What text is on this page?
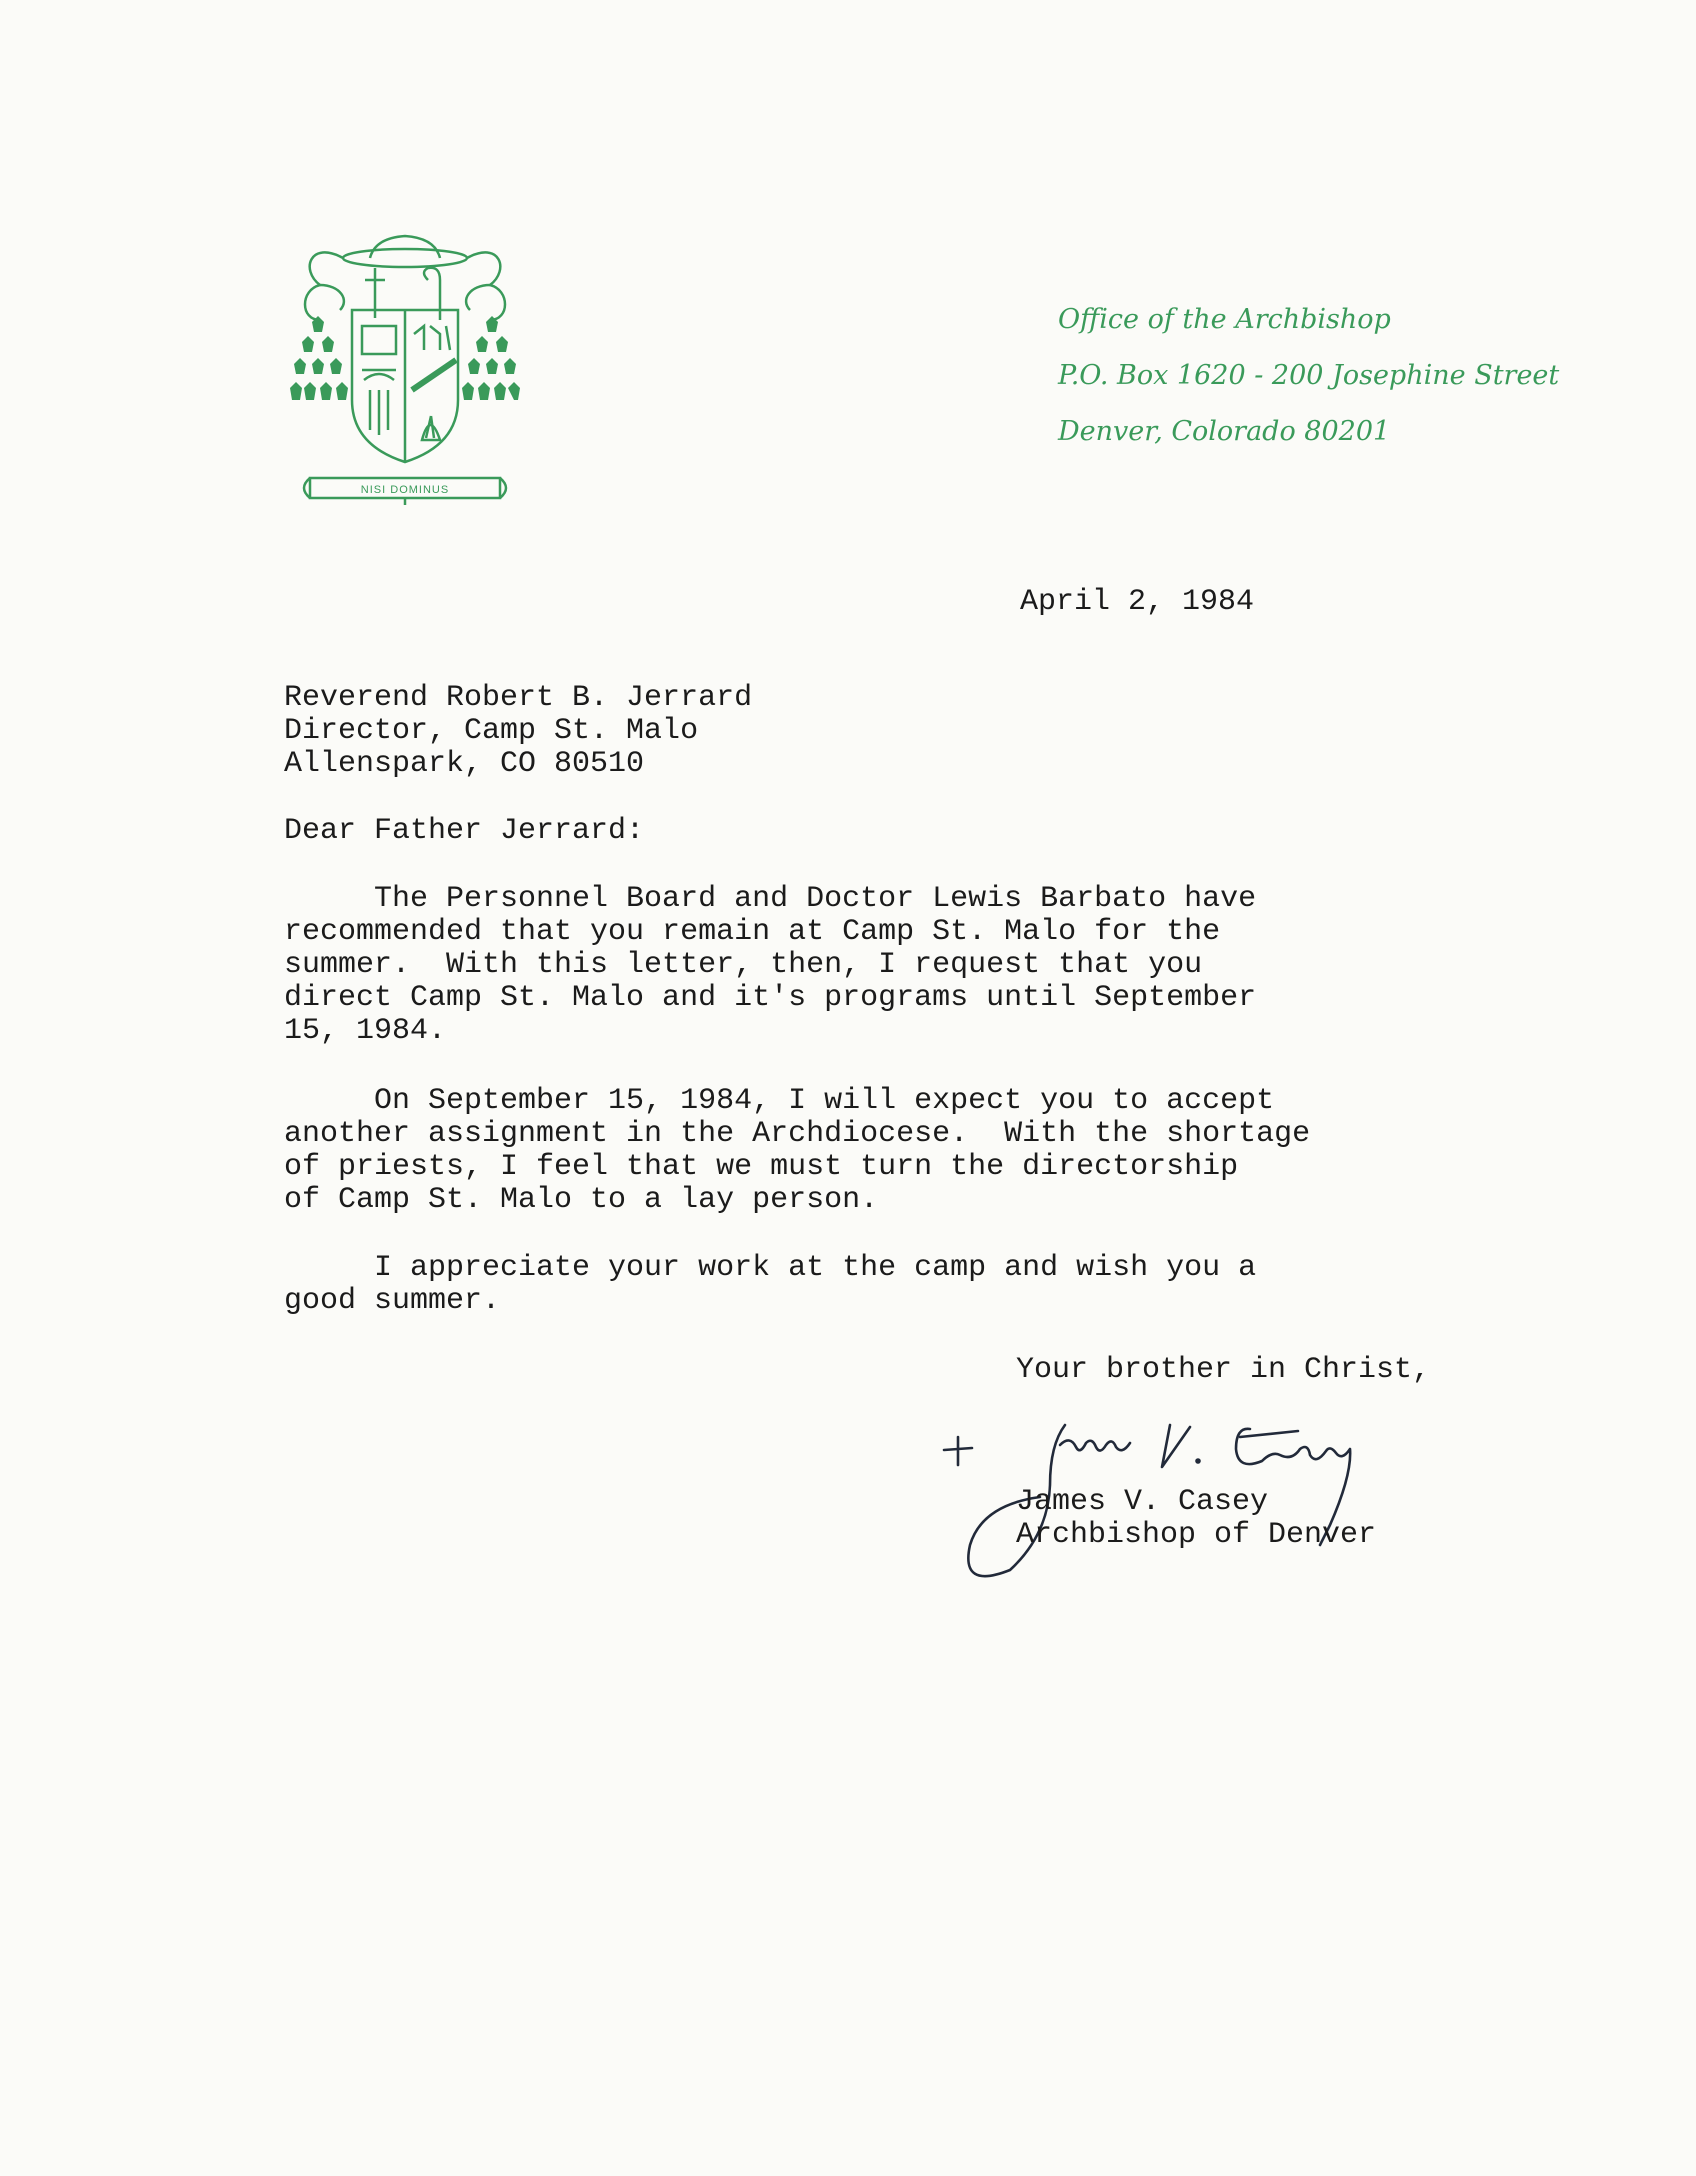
NISI DOMINUS
Office of the Archbishop
P.O. Box 1620 - 200 Josephine Street
Denver, Colorado 80201
April 2, 1984
Reverend Robert B. Jerrard
Director, Camp St. Malo
Allenspark, CO 80510
Dear Father Jerrard:
The Personnel Board and Doctor Lewis Barbato have
recommended that you remain at Camp St. Malo for the
summer.  With this letter, then, I request that you
direct Camp St. Malo and it's programs until September
15, 1984.
On September 15, 1984, I will expect you to accept
another assignment in the Archdiocese.  With the shortage
of priests, I feel that we must turn the directorship
of Camp St. Malo to a lay person.
I appreciate your work at the camp and wish you a
good summer.
Your brother in Christ,
James V. Casey
Archbishop of Denver
